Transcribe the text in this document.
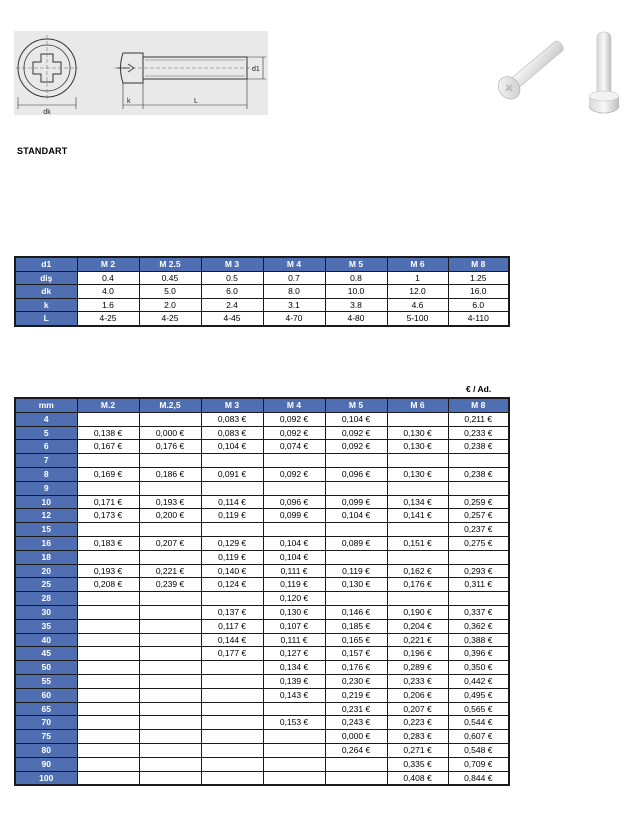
dk
d1
k	L
STANDART
d1	M 2	M 2.5	M 3	M 4	M 5	M 6	M 8
diş	0.4	0.45	0.5	0.7	0.8	1	1.25
dk	4.0	5.0	6.0	8.0	10.0	12.0	16.0
k	1.6	2.0	2.4	3.1	3.8	4.6	6.0
L	4-25	4-25	4-45	4-70	4-80	5-100	4-110
€ / Ad.
mm	M.2	M.2,5	M 3	M 4	M 5	M 6	M 8
4			0,083 €	0,092 €	0,104 €		0,211 €
5	0,138 €	0,000 €	0,083 €	0,092 €	0,092 €	0,130 €	0,233 €
6	0,167 €	0,176 €	0,104 €	0,074 €	0,092 €	0,130 €	0,238 €
7							
8	0,169 €	0,186 €	0,091 €	0,092 €	0,096 €	0,130 €	0,238 €
9							
10	0,171 €	0,193 €	0,114 €	0,096 €	0,099 €	0,134 €	0,259 €
12	0,173 €	0,200 €	0,119 €	0,099 €	0,104 €	0,141 €	0,257 €
15							0,237 €
16	0,183 €	0,207 €	0,129 €	0,104 €	0,089 €	0,151 €	0,275 €
18			0,119 €	0,104 €			
20	0,193 €	0,221 €	0,140 €	0,111 €	0,119 €	0,162 €	0,293 €
25	0,208 €	0,239 €	0,124 €	0,119 €	0,130 €	0,176 €	0,311 €
28				0,120 €			
30			0,137 €	0,130 €	0,146 €	0,190 €	0,337 €
35			0,117 €	0,107 €	0,185 €	0,204 €	0,362 €
40			0,144 €	0,111 €	0,165 €	0,221 €	0,388 €
45			0,177 €	0,127 €	0,157 €	0,196 €	0,396 €
50				0,134 €	0,176 €	0,289 €	0,350 €
55				0,139 €	0,230 €	0,233 €	0,442 €
60				0,143 €	0,219 €	0,206 €	0,495 €
65					0,231 €	0,207 €	0,565 €
70				0,153 €	0,243 €	0,223 €	0,544 €
75					0,000 €	0,283 €	0,607 €
80					0,264 €	0,271 €	0,548 €
90						0,335 €	0,709 €
100						0,408 €	0,844 €
